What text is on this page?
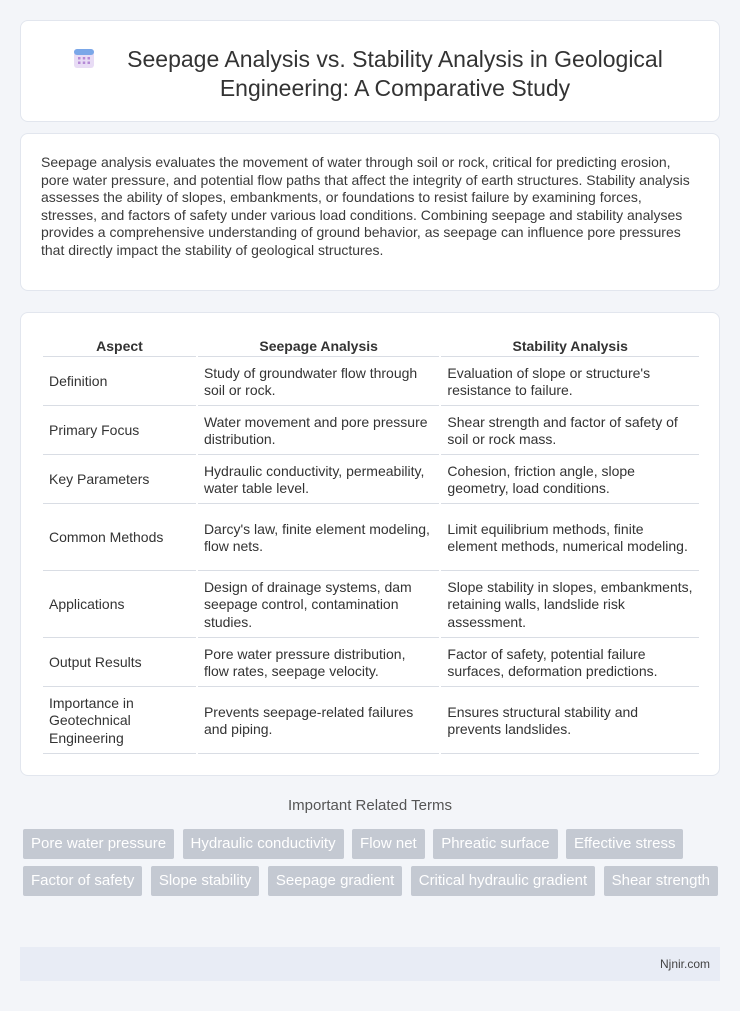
Seepage Analysis vs. Stability Analysis in Geological Engineering: A Comparative Study

Seepage analysis evaluates the movement of water through soil or rock, critical for predicting erosion, pore water pressure, and potential flow paths that affect the integrity of earth structures. Stability analysis assesses the ability of slopes, embankments, or foundations to resist failure by examining forces, stresses, and factors of safety under various load conditions. Combining seepage and stability analyses provides a comprehensive understanding of ground behavior, as seepage can influence pore pressures that directly impact the stability of geological structures.

Aspect	Seepage Analysis	Stability Analysis
Definition	Study of groundwater flow through soil or rock.	Evaluation of slope or structure's resistance to failure.
Primary Focus	Water movement and pore pressure distribution.	Shear strength and factor of safety of soil or rock mass.
Key Parameters	Hydraulic conductivity, permeability, water table level.	Cohesion, friction angle, slope geometry, load conditions.
Common Methods	Darcy's law, finite element modeling, flow nets.	Limit equilibrium methods, finite element methods, numerical modeling.
Applications	Design of drainage systems, dam seepage control, contamination studies.	Slope stability in slopes, embankments, retaining walls, landslide risk assessment.
Output Results	Pore water pressure distribution, flow rates, seepage velocity.	Factor of safety, potential failure surfaces, deformation predictions.
Importance in Geotechnical Engineering	Prevents seepage-related failures and piping.	Ensures structural stability and prevents landslides.
Important Related Terms
Pore water pressure Hydraulic conductivity Flow net Phreatic surface Effective stress Factor of safety Slope stability Seepage gradient Critical hydraulic gradient Shear strength
Njnir.com
